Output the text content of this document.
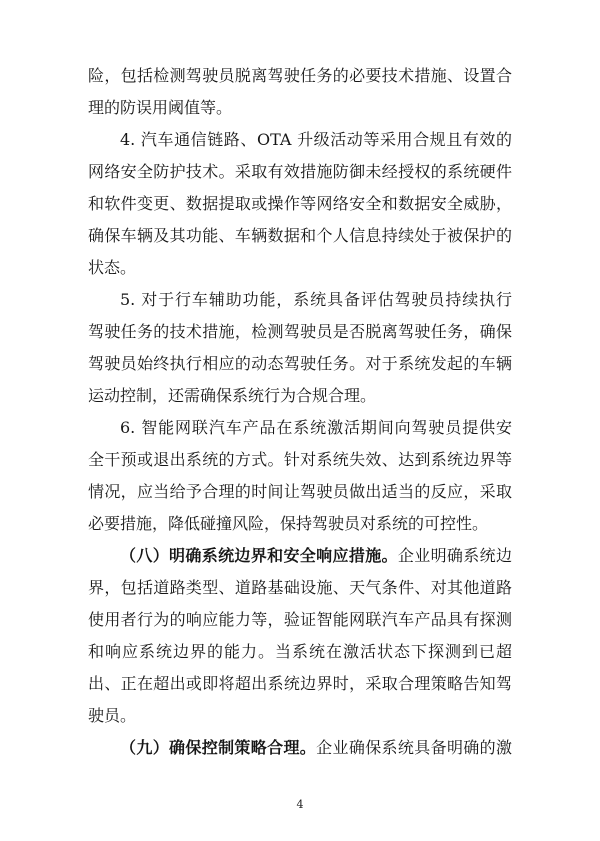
险，包括检测驾驶员脱离驾驶任务的必要技术措施、设置合
理的防误用阈值等。
4. 汽车通信链路、OTA 升级活动等采用合规且有效的
网络安全防护技术。采取有效措施防御未经授权的系统硬件
和软件变更、数据提取或操作等网络安全和数据安全威胁，
确保车辆及其功能、车辆数据和个人信息持续处于被保护的
状态。
5. 对于行车辅助功能，系统具备评估驾驶员持续执行
驾驶任务的技术措施，检测驾驶员是否脱离驾驶任务，确保
驾驶员始终执行相应的动态驾驶任务。对于系统发起的车辆
运动控制，还需确保系统行为合规合理。
6. 智能网联汽车产品在系统激活期间向驾驶员提供安
全干预或退出系统的方式。针对系统失效、达到系统边界等
情况，应当给予合理的时间让驾驶员做出适当的反应，采取
必要措施，降低碰撞风险，保持驾驶员对系统的可控性。
（八）明确系统边界和安全响应措施。企业明确系统边
界，包括道路类型、道路基础设施、天气条件、对其他道路
使用者行为的响应能力等，验证智能网联汽车产品具有探测
和响应系统边界的能力。当系统在激活状态下探测到已超
出、正在超出或即将超出系统边界时，采取合理策略告知驾
驶员。
（九）确保控制策略合理。企业确保系统具备明确的激
4
